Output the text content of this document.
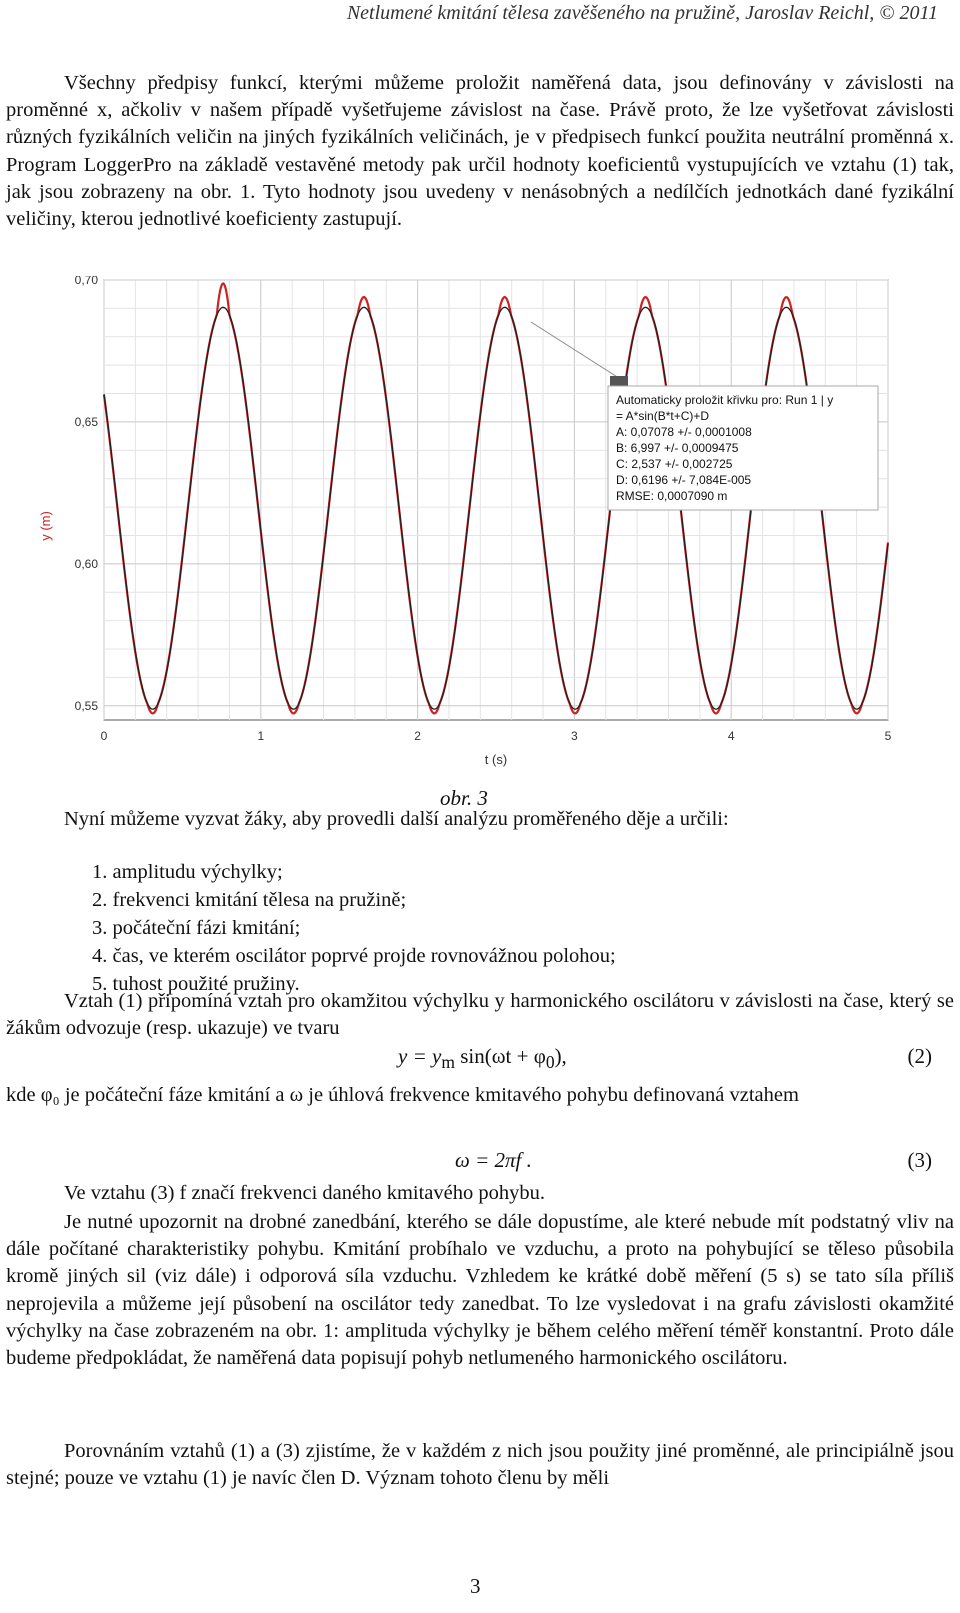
Netlumené kmitání tělesa zavěšeného na pružině, Jaroslav Reichl, © 2011

Všechny předpisy funkcí, kterými můžeme proložit naměřená data, jsou definovány v závislosti na proměnné x, ačkoliv v našem případě vyšetřujeme závislost na čase. Právě proto, že lze vyšetřovat závislosti různých fyzikálních veličin na jiných fyzikálních veličinách, je v předpisech funkcí použita neutrální proměnná x. Program LoggerPro na základě vestavěné metody pak určil hodnoty koeficientů vystupujících ve vztahu (1) tak, jak jsou zobrazeny na obr. 1. Tyto hodnoty jsou uvedeny v nenásobných a nedílčích jednotkách dané fyzikální veličiny, kterou jednotlivé koeficienty zastupují.

0,70
0,65
0,60
0,55
0	1	2	3	4	5
y (m)
t (s)
Automaticky proložit křivku pro: Run 1 | y
= A*sin(B*t+C)+D
A: 0,07078 +/- 0,0001008
B: 6,997 +/- 0,0009475
C: 2,537 +/- 0,002725
D: 0,6196 +/- 7,084E-005
RMSE: 0,0007090 m
obr. 3

Nyní můžeme vyzvat žáky, aby provedli další analýzu proměřeného děje a určili:

1. amplitudu výchylky;
2. frekvenci kmitání tělesa na pružině;
3. počáteční fázi kmitání;
4. čas, ve kterém oscilátor poprvé projde rovnovážnou polohou;
5. tuhost použité pružiny.

Vztah (1) připomíná vztah pro okamžitou výchylku y harmonického oscilátoru v závislosti na čase, který se žákům odvozuje (resp. ukazuje) ve tvaru

$y = y_m$ $\sin(\omega t + \varphi_0)$,	(2)

kde φ₀ je počáteční fáze kmitání a ω je úhlová frekvence kmitavého pohybu definovaná vztahem

ω = 2πf .	(3)

Ve vztahu (3) f značí frekvenci daného kmitavého pohybu.

Je nutné upozornit na drobné zanedbání, kterého se dále dopustíme, ale které nebude mít podstatný vliv na dále počítané charakteristiky pohybu. Kmitání probíhalo ve vzduchu, a proto na pohybující se těleso působila kromě jiných sil (viz dále) i odporová síla vzduchu. Vzhledem ke krátké době měření (5 s) se tato síla příliš neprojevila a můžeme její působení na oscilátor tedy zanedbat. To lze vysledovat i na grafu závislosti okamžité výchylky na čase zobrazeném na obr. 1: amplituda výchylky je během celého měření téměř konstantní. Proto dále budeme předpokládat, že naměřená data popisují pohyb netlumeného harmonického oscilátoru.

Porovnáním vztahů (1) a (3) zjistíme, že v každém z nich jsou použity jiné proměnné, ale principiálně jsou stejné; pouze ve vztahu (1) je navíc člen D. Význam tohoto členu by měli

3
